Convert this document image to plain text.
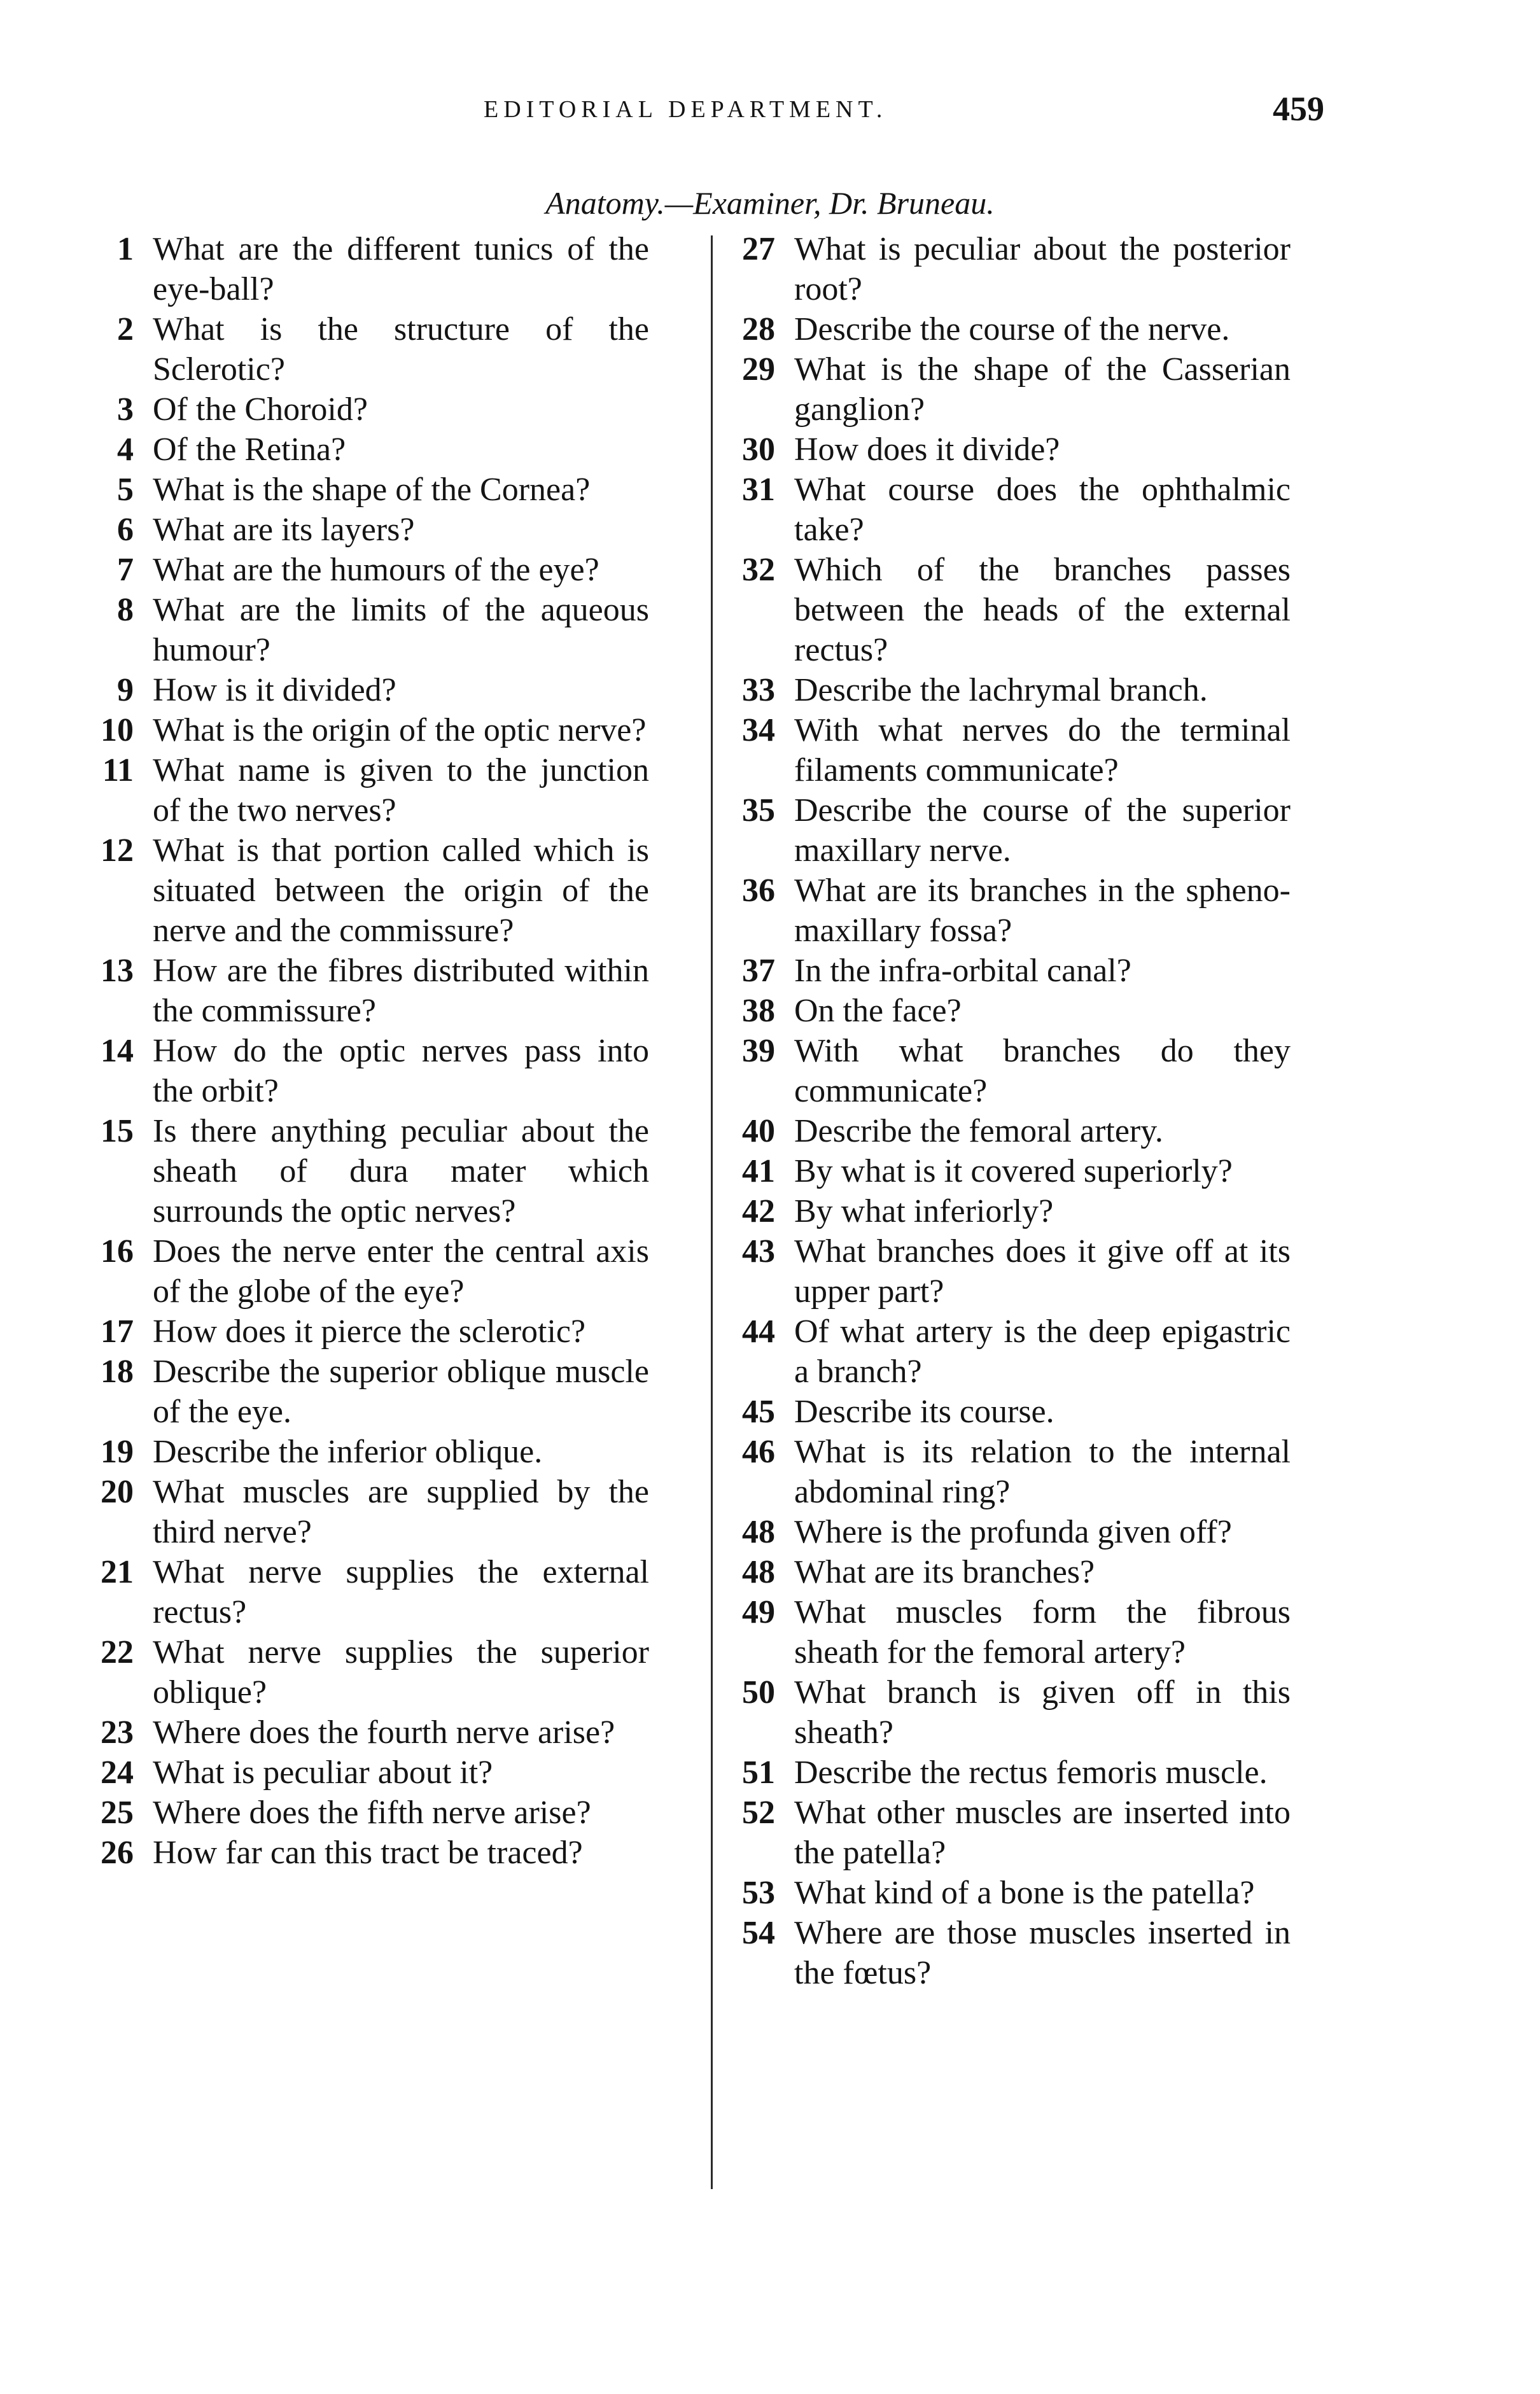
EDITORIAL DEPARTMENT.	459
Anatomy.—Examiner, Dr. Bruneau.
1 What are the different tunics of the eye-ball?
2 What is the structure of the Sclerotic?
3 Of the Choroid?
4 Of the Retina?
5 What is the shape of the Cornea?
6 What are its layers?
7 What are the humours of the eye?
8 What are the limits of the aqueous humour?
9 How is it divided?
10 What is the origin of the optic nerve?
11 What name is given to the junction of the two nerves?
12 What is that portion called which is situated between the origin of the nerve and the commissure?
13 How are the fibres distributed within the commissure?
14 How do the optic nerves pass into the orbit?
15 Is there anything peculiar about the sheath of dura mater which surrounds the optic nerves?
16 Does the nerve enter the central axis of the globe of the eye?
17 How does it pierce the sclerotic?
18 Describe the superior oblique muscle of the eye.
19 Describe the inferior oblique.
20 What muscles are supplied by the third nerve?
21 What nerve supplies the external rectus?
22 What nerve supplies the superior oblique?
23 Where does the fourth nerve arise?
24 What is peculiar about it?
25 Where does the fifth nerve arise?
26 How far can this tract be traced?
27 What is peculiar about the posterior root?
28 Describe the course of the nerve.
29 What is the shape of the Casserian ganglion?
30 How does it divide?
31 What course does the ophthalmic take?
32 Which of the branches passes between the heads of the external rectus?
33 Describe the lachrymal branch.
34 With what nerves do the terminal filaments communicate?
35 Describe the course of the superior maxillary nerve.
36 What are its branches in the spheno-maxillary fossa?
37 In the infra-orbital canal?
38 On the face?
39 With what branches do they communicate?
40 Describe the femoral artery.
41 By what is it covered superiorly?
42 By what inferiorly?
43 What branches does it give off at its upper part?
44 Of what artery is the deep epigastric a branch?
45 Describe its course.
46 What is its relation to the internal abdominal ring?
48 Where is the profunda given off?
48 What are its branches?
49 What muscles form the fibrous sheath for the femoral artery?
50 What branch is given off in this sheath?
51 Describe the rectus femoris muscle.
52 What other muscles are inserted into the patella?
53 What kind of a bone is the patella?
54 Where are those muscles inserted in the fœtus?
